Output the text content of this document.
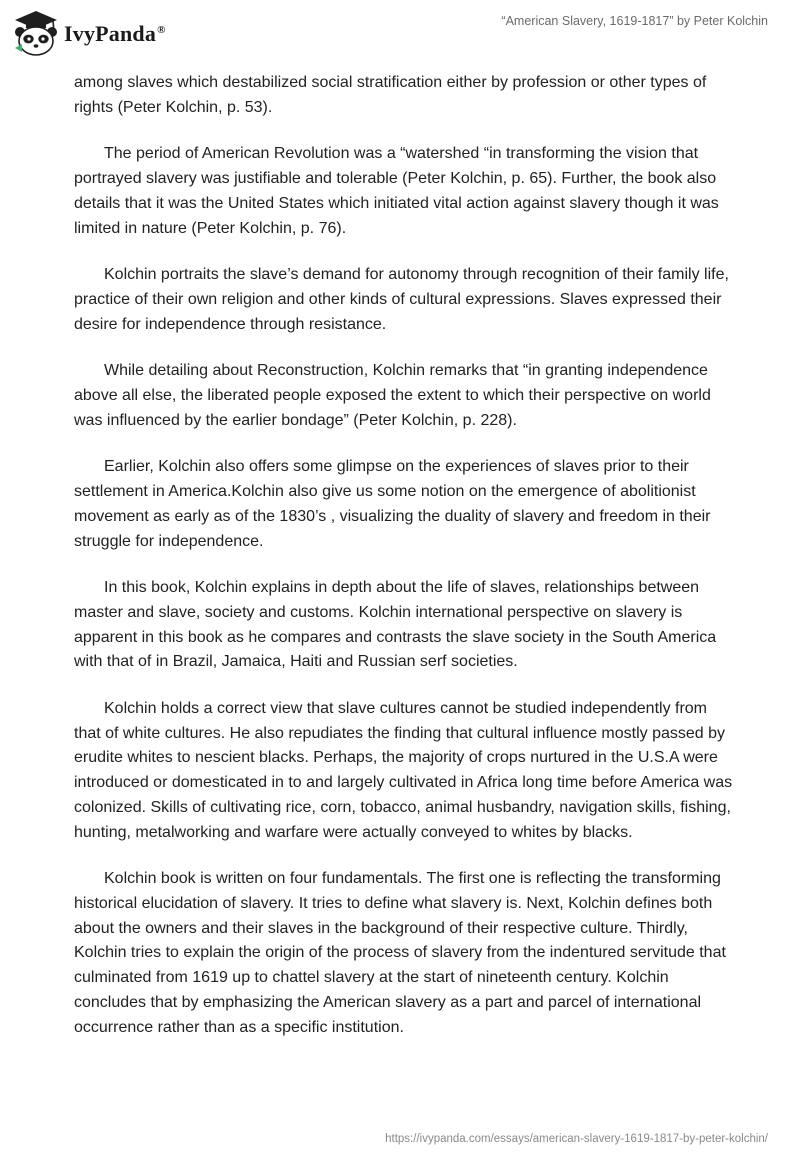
IvyPanda®
“American Slavery, 1619-1817” by Peter Kolchin

among slaves which destabilized social stratification either by profession or other types of rights (Peter Kolchin, p. 53).

The period of American Revolution was a “watershed “in transforming the vision that portrayed slavery was justifiable and tolerable (Peter Kolchin, p. 65). Further, the book also details that it was the United States which initiated vital action against slavery though it was limited in nature (Peter Kolchin, p. 76).

Kolchin portraits the slave’s demand for autonomy through recognition of their family life, practice of their own religion and other kinds of cultural expressions. Slaves expressed their desire for independence through resistance.

While detailing about Reconstruction, Kolchin remarks that “in granting independence above all else, the liberated people exposed the extent to which their perspective on world was influenced by the earlier bondage” (Peter Kolchin, p. 228).

Earlier, Kolchin also offers some glimpse on the experiences of slaves prior to their settlement in America.Kolchin also give us some notion on the emergence of abolitionist movement as early as of the 1830’s , visualizing the duality of slavery and freedom in their struggle for independence.

In this book, Kolchin explains in depth about the life of slaves, relationships between master and slave, society and customs. Kolchin international perspective on slavery is apparent in this book as he compares and contrasts the slave society in the South America with that of in Brazil, Jamaica, Haiti and Russian serf societies.

Kolchin holds a correct view that slave cultures cannot be studied independently from that of white cultures. He also repudiates the finding that cultural influence mostly passed by erudite whites to nescient blacks. Perhaps, the majority of crops nurtured in the U.S.A were introduced or domesticated in to and largely cultivated in Africa long time before America was colonized. Skills of cultivating rice, corn, tobacco, animal husbandry, navigation skills, fishing, hunting, metalworking and warfare were actually conveyed to whites by blacks.

Kolchin book is written on four fundamentals. The first one is reflecting the transforming historical elucidation of slavery. It tries to define what slavery is. Next, Kolchin defines both about the owners and their slaves in the background of their respective culture. Thirdly, Kolchin tries to explain the origin of the process of slavery from the indentured servitude that culminated from 1619 up to chattel slavery at the start of nineteenth century. Kolchin concludes that by emphasizing the American slavery as a part and parcel of international occurrence rather than as a specific institution.

https://ivypanda.com/essays/american-slavery-1619-1817-by-peter-kolchin/
